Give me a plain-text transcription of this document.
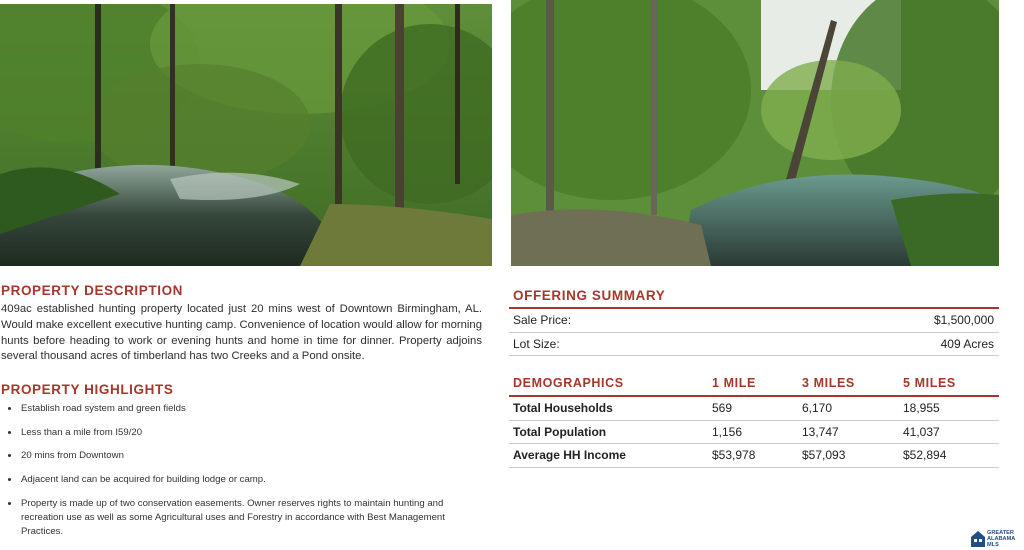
PROPERTY DESCRIPTION

409ac established hunting property located just 20 mins west of Downtown Birmingham, AL. Would make excellent executive hunting camp. Convenience of location would allow for morning hunts before heading to work or evening hunts and home in time for dinner. Property adjoins several thousand acres of timberland has two Creeks and a Pond onsite.

PROPERTY HIGHLIGHTS
Establish road system and green fields
Less than a mile from I59/20
20 mins from Downtown
Adjacent land can be acquired for building lodge or camp.
Property is made up of two conservation easements. Owner reserves rights to maintain hunting and recreation use as well as some Agricultural uses and Forestry in accordance with Best Management Practices.
OFFERING SUMMARY
Sale Price:	$1,500,000
Lot Size:	409 Acres
DEMOGRAPHICS	1 MILE	3 MILES	5 MILES
Total Households	569	6,170	18,955
Total Population	1,156	13,747	41,037
Average HH Income	$53,978	$57,093	$52,894
GREATER
ALABAMA
MLS
